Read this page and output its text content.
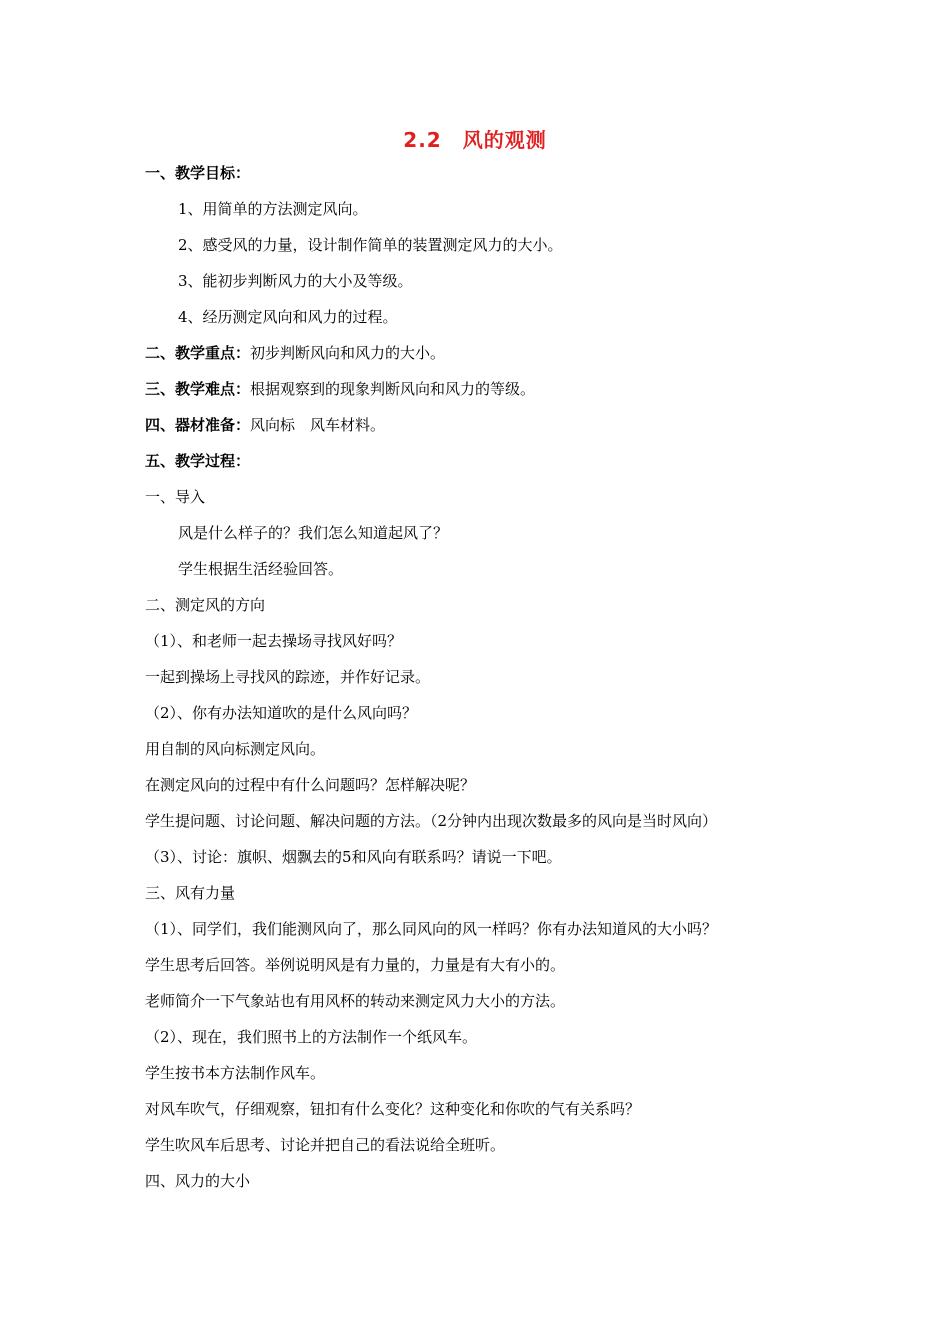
2.2　风的观测
一、教学目标：
1、用简单的方法测定风向。
2、感受风的力量，设计制作简单的装置测定风力的大小。
3、能初步判断风力的大小及等级。
4、经历测定风向和风力的过程。
二、教学重点：初步判断风向和风力的大小。
三、教学难点：根据观察到的现象判断风向和风力的等级。
四、器材准备：风向标　风车材料。
五、教学过程：
一、导入
风是什么样子的？我们怎么知道起风了？
学生根据生活经验回答。
二、测定风的方向
（1）、和老师一起去操场寻找风好吗？
一起到操场上寻找风的踪迹，并作好记录。
（2）、你有办法知道吹的是什么风向吗？
用自制的风向标测定风向。
在测定风向的过程中有什么问题吗？怎样解决呢？
学生提问题、讨论问题、解决问题的方法。（2分钟内出现次数最多的风向是当时风向）
（3）、讨论：旗帜、烟飘去的5和风向有联系吗？请说一下吧。
三、风有力量
（1）、同学们，我们能测风向了，那么同风向的风一样吗？你有办法知道风的大小吗？
学生思考后回答。举例说明风是有力量的，力量是有大有小的。
老师简介一下气象站也有用风杯的转动来测定风力大小的方法。
（2）、现在，我们照书上的方法制作一个纸风车。
学生按书本方法制作风车。
对风车吹气，仔细观察，钮扣有什么变化？这种变化和你吹的气有关系吗？
学生吹风车后思考、讨论并把自己的看法说给全班听。
四、风力的大小
